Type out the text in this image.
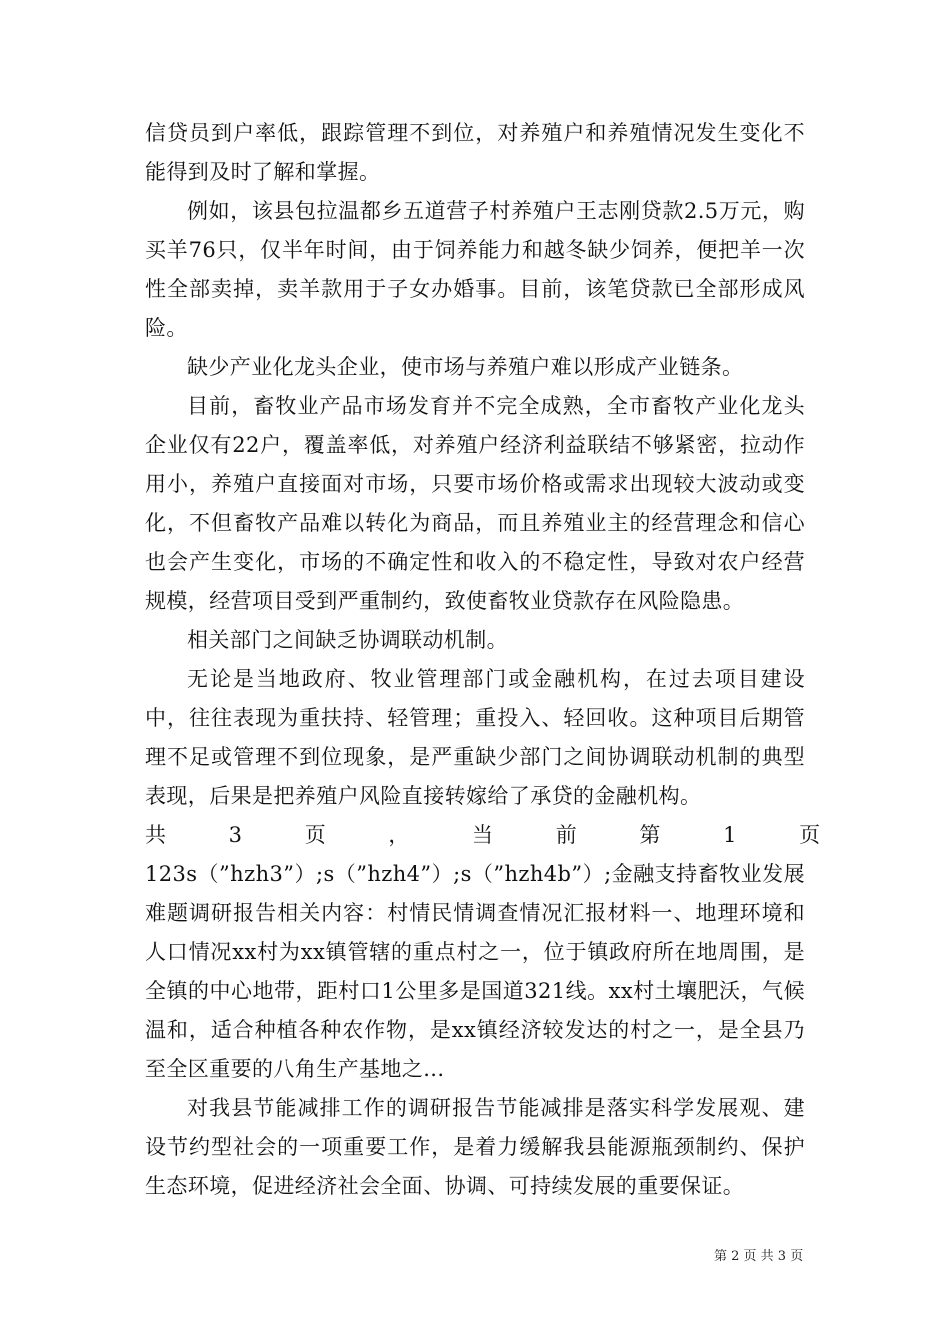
信贷员到户率低，跟踪管理不到位，对养殖户和养殖情况发生变化不能得到及时了解和掌握。

例如，该县包拉温都乡五道营子村养殖户王志刚贷款2.5万元，购买羊76只，仅半年时间，由于饲养能力和越冬缺少饲养，便把羊一次性全部卖掉，卖羊款用于子女办婚事。目前，该笔贷款已全部形成风险。

缺少产业化龙头企业，使市场与养殖户难以形成产业链条。

目前，畜牧业产品市场发育并不完全成熟，全市畜牧产业化龙头企业仅有22户，覆盖率低，对养殖户经济利益联结不够紧密，拉动作用小，养殖户直接面对市场，只要市场价格或需求出现较大波动或变化，不但畜牧产品难以转化为商品，而且养殖业主的经营理念和信心也会产生变化，市场的不确定性和收入的不稳定性，导致对农户经营规模，经营项目受到严重制约，致使畜牧业贷款存在风险隐患。

相关部门之间缺乏协调联动机制。

无论是当地政府、牧业管理部门或金融机构，在过去项目建设中，往往表现为重扶持、轻管理；重投入、轻回收。这种项目后期管理不足或管理不到位现象，是严重缺少部门之间协调联动机制的典型表现，后果是把养殖户风险直接转嫁给了承贷的金融机构。

共 3 页 ， 当 前 第 1 页

123s（”hzh3”）;s（”hzh4”）;s（”hzh4b”）;金融支持畜牧业发展难题调研报告相关内容：村情民情调查情况汇报材料一、地理环境和人口情况xx村为xx镇管辖的重点村之一，位于镇政府所在地周围，是全镇的中心地带，距村口1公里多是国道321线。xx村土壤肥沃，气候温和，适合种植各种农作物，是xx镇经济较发达的村之一，是全县乃至全区重要的八角生产基地之...

对我县节能减排工作的调研报告节能减排是落实科学发展观、建设节约型社会的一项重要工作，是着力缓解我县能源瓶颈制约、保护生态环境，促进经济社会全面、协调、可持续发展的重要保证。

第 2 页 共 3 页
